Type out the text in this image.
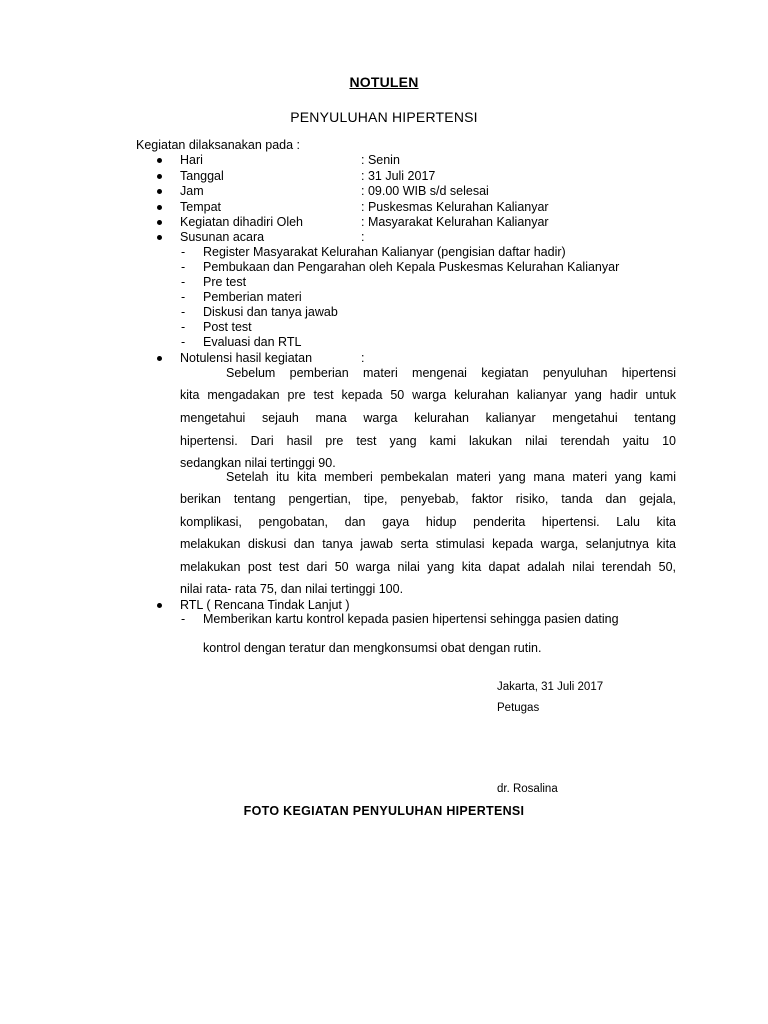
NOTULEN
PENYULUHAN HIPERTENSI
Kegiatan dilaksanakan pada :
Hari	: Senin
Tanggal	: 31 Juli 2017
Jam	: 09.00 WIB s/d selesai
Tempat	: Puskesmas Kelurahan Kalianyar
Kegiatan dihadiri Oleh	: Masyarakat Kelurahan Kalianyar
Susunan acara	:
- Register Masyarakat Kelurahan Kalianyar (pengisian daftar hadir)
- Pembukaan dan Pengarahan oleh Kepala Puskesmas Kelurahan Kalianyar
- Pre test
- Pemberian materi
- Diskusi dan tanya jawab
- Post test
- Evaluasi dan RTL
Notulensi hasil kegiatan	:
Sebelum pemberian materi mengenai kegiatan penyuluhan hipertensi
kita mengadakan pre test kepada 50 warga kelurahan kalianyar yang hadir untuk
mengetahui sejauh mana warga kelurahan kalianyar mengetahui tentang
hipertensi. Dari hasil pre test yang kami lakukan nilai terendah yaitu 10
sedangkan nilai tertinggi 90.
Setelah itu kita memberi pembekalan materi yang mana materi yang kami
berikan tentang pengertian, tipe, penyebab, faktor risiko, tanda dan gejala,
komplikasi, pengobatan, dan gaya hidup penderita hipertensi. Lalu kita
melakukan diskusi dan tanya jawab serta stimulasi kepada warga, selanjutnya kita
melakukan post test dari 50 warga nilai yang kita dapat adalah nilai terendah 50,
nilai rata- rata 75, dan nilai tertinggi 100.
RTL ( Rencana Tindak Lanjut )
- Memberikan kartu kontrol kepada pasien hipertensi sehingga pasien dating
kontrol dengan teratur dan mengkonsumsi obat dengan rutin.
Jakarta, 31 Juli 2017
Petugas
dr. Rosalina
FOTO KEGIATAN PENYULUHAN HIPERTENSI
